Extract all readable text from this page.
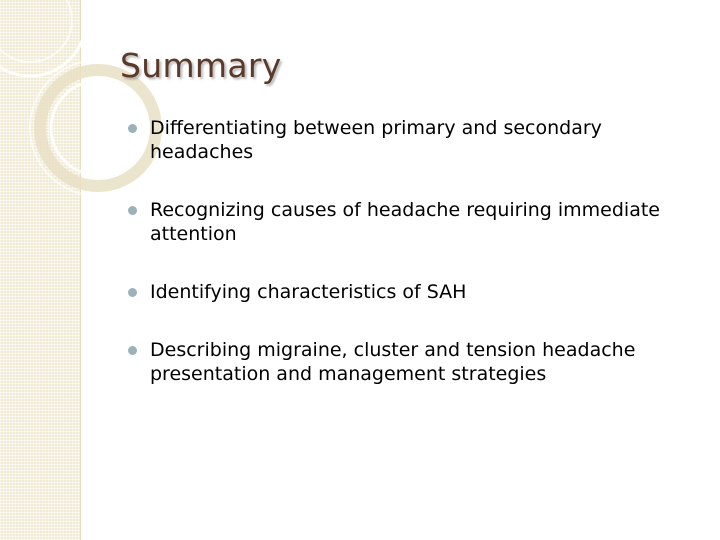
Summary
Differentiating between primary and secondary headaches
Recognizing causes of headache requiring immediate attention
Identifying characteristics of SAH
Describing migraine, cluster and tension headache presentation and management strategies
